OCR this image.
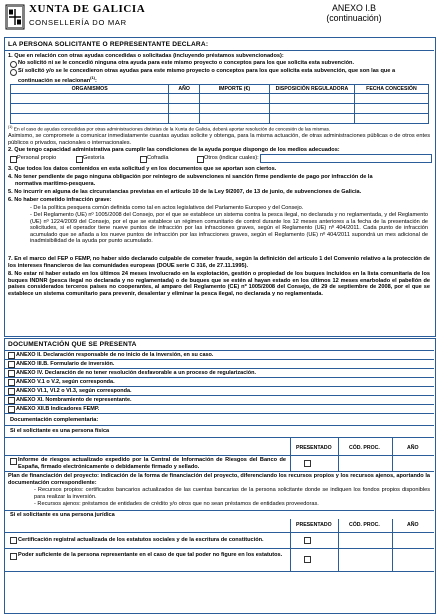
XUNTA DE GALICIA
CONSELLERÍA DO MAR
ANEXO I.B
(continuación)
LA PERSONA SOLICITANTE O REPRESENTANTE DECLARA:
1. Que en relación con otras ayudas concedidas o solicitadas (incluyendo préstamos subvencionados):
No solicitó ni se le concedió ninguna otra ayuda para este mismo proyecto o conceptos para los que solicita esta subvención.
Sí solicitó y/o se le concedieron otras ayudas para este mismo proyecto o conceptos para los que solicita esta subvención, que son las que a
continuación se relacionan$^{(1)}$:
ORGANISMOS	AÑO	IMPORTE (€)	DISPOSICIÓN REGULADORA	FECHA CONCESIÓN

$^{(1)}$ En el caso de ayudas concedidas por otras administraciones distintas de la Xunta de Galicia, deberá aportar resolución de concesión de las mismas.
Asimismo, se compromete a comunicar inmediatamente cuantas ayudas solicite y obtenga, para la misma actuación, de otras administraciones públicas o de otros entes públicos o privados, nacionales o internacionales.
2. Que tengo capacidad administrativa para cumplir las condiciones de la ayuda porque dispongo de los medios adecuados:
Personal propio	Gestoría	Cofradía	Otros (indicar cuales):
3. Que todos los datos contenidos en esta solicitud y en los documentos que se aportan son ciertos.
4. No tener pendiente de pago ninguna obligación por reintegro de subvenciones ni sanción firme pendiente de pago por infracción de la
normativa marítimo-pesquera.
5. No incurrir en alguna de las circunstancias previstas en el artículo 10 de la Ley 9/2007, de 13 de junio, de subvenciones de Galicia.
6. No haber cometido infracción grave:
- De la política pesquera común definida como tal en actos legislativos del Parlamento Europeo y del Consejo.
- Del Reglamento (UE) nº 1005/2008 del Consejo, por el que se establece un sistema contra la pesca ilegal, no declarada y no reglamentada, y del Reglamento (UE) nº 1224/2009 del Consejo, por el que se establece un régimen comunitario de control durante los 12 meses anteriores a la fecha de la presentación de solicitudes, si el operador tiene nueve puntos de infracción por las infracciones graves, según el Reglamento (UE) nº 404/2011. Cada punto de infracción acumulado que se añada a los nueve puntos de infracción por las infracciones graves, según el Reglamento (UE) nº 404/2011 supondrá un mes adicional de inadmisibilidad de la ayuda por punto acumulado.
7. En el marco del FEP o FEMP, no haber sido declarado culpable de cometer fraude, según la definición del artículo 1 del Convenio relativo a la protección de los intereses financieros de las comunidades europeas (DOUE serie C 316, de 27.11.1995).
8. No estar ni haber estado en los últimos 24 meses involucrado en la explotación, gestión o propiedad de los buques incluidos en la lista comunitaria de los buques INDNR (pesca ilegal no declarada y no reglamentada) o de buques que se estén al hayan estado en los últimos 12 meses enarbolado el pabellón de países considerados terceros países no cooperantes, al amparo del Reglamento (CE) nº 1005/2008 del Consejo, de 29 de septiembre de 2008, por el que se establece un sistema comunitario para prevenir, desalentar y eliminar la pesca ilegal, no declarada y no reglamentada.
DOCUMENTACIÓN QUE SE PRESENTA
ANEXO II. Declaración responsable de no inicio de la inversión, en su caso.
ANEXO III.B. Formulario de inversión.
ANEXO IV. Declaración de no tener resolución desfavorable a un proceso de regularización.
ANEXO V.1 o V.2, según corresponda.
ANEXO VI.1, VI.2 o VI.3, según corresponda.
ANEXO XI. Nombramiento de representante.
ANEXO XII.B Indicadores FEMP.
Documentación complementaria:
Si el solicitante es una persona física
PRESENTADO	CÓD. PROC.	AÑO
Informe de riesgos actualizado expedido por la Central de Información de Riesgos del Banco de España, firmado electrónicamente o debidamente firmado y sellado.
Plan de financiación del proyecto: indicación de la forma de financiación del proyecto, diferenciando los recursos propios y los recursos ajenos, aportando la documentación correspondiente:
- Recursos propios: certificados bancarios actualizados de las cuentas bancarias de la persona solicitante donde se indiquen los fondos propios disponibles para realizar la inversión.
- Recursos ajenos: préstamos de entidades de crédito y/o otros que no sean préstamos de entidades proveedoras.
Si el solicitante es una persona jurídica
PRESENTADO	CÓD. PROC.	AÑO
Certificación registral actualizada de los estatutos sociales y de la escritura de constitución.
Poder suficiente de la persona representante en el caso de que tal poder no figure en los estatutos.
